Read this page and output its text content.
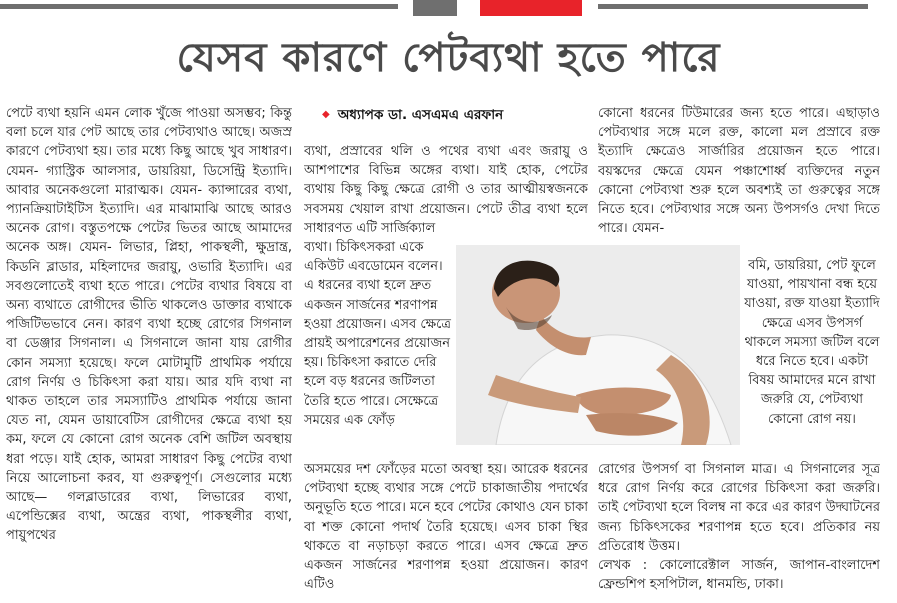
যেসব কারণে পেটব্যথা হতে পারে

পেটে ব্যথা হয়নি এমন লোক খুঁজে পাওয়া অসম্ভব; কিন্তু বলা চলে যার পেট আছে তার পেটব্যথাও আছে। অজস্র কারণে পেটব্যথা হয়। তার মধ্যে কিছু আছে খুব সাধারণ। যেমন- গ্যাস্ট্রিক আলসার, ডায়রিয়া, ডিসেন্ট্রি ইত্যাদি। আবার অনেকগুলো মারাত্মক। যেমন- ক্যান্সারের ব্যথা, প্যানক্রিয়াটাইটিস ইত্যাদি। এর মাঝামাঝি আছে আরও অনেক রোগ। বস্তুতপক্ষে পেটের ভিতর আছে আমাদের অনেক অঙ্গ। যেমন- লিভার, প্লিহা, পাকস্থলী, ক্ষুদ্রান্ত্র, কিডনি ব্লাডার, মহিলাদের জরায়ু, ওভারি ইত্যাদি। এর সবগুলোতেই ব্যথা হতে পারে। পেটের ব্যথার বিষয়ে বা অন্য ব্যথাতে রোগীদের ভীতি থাকলেও ডাক্তার ব্যথাকে পজিটিভভাবে নেন। কারণ ব্যথা হচ্ছে রোগের সিগনাল বা ডেঞ্জার সিগনাল। এ সিগনালে জানা যায় রোগীর কোন সমস্যা হয়েছে। ফলে মোটামুটি প্রাথমিক পর্যায়ে রোগ নির্ণয় ও চিকিৎসা করা যায়। আর যদি ব্যথা না থাকত তাহলে তার সমস্যাটিও প্রাথমিক পর্যায়ে জানা যেত না, যেমন ডায়াবেটিস রোগীদের ক্ষেত্রে ব্যথা হয় কম, ফলে যে কোনো রোগ অনেক বেশি জটিল অবস্থায় ধরা পড়ে। যাই হোক, আমরা সাধারণ কিছু পেটের ব্যথা নিয়ে আলোচনা করব, যা গুরুত্বপূর্ণ। সেগুলোর মধ্যে আছে— গলব্লাডারের ব্যথা, লিভারের ব্যথা, এপেন্ডিক্সের ব্যথা, অন্ত্রের ব্যথা, পাকস্থলীর ব্যথা, পায়ুপথের

◆ অধ্যাপক ডা. এসএমএ এরফান

ব্যথা, প্রস্রাবের থলি ও পথের ব্যথা এবং জরায়ু ও আশপাশের বিভিন্ন অঙ্গের ব্যথা। যাই হোক, পেটের ব্যথায় কিছু কিছু ক্ষেত্রে রোগী ও তার আত্মীয়স্বজনকে সবসময় খেয়াল রাখা প্রয়োজন। পেটে তীব্র ব্যথা হলে সাধারণত এটি সার্জিক্যাল

ব্যথা। চিকিৎসকরা একে একিউট এবডোমেন বলেন। এ ধরনের ব্যথা হলে দ্রুত একজন সার্জনের শরণাপন্ন হওয়া প্রয়োজন। এসব ক্ষেত্রে প্রায়ই অপারেশনের প্রয়োজন হয়। চিকিৎসা করাতে দেরি হলে বড় ধরনের জটিলতা তৈরি হতে পারে। সেক্ষেত্রে সময়ের এক ফোঁড়

অসময়ের দশ ফোঁড়ের মতো অবস্থা হয়। আরেক ধরনের পেটব্যথা হচ্ছে ব্যথার সঙ্গে পেটে চাকাজাতীয় পদার্থের অনুভূতি হতে পারে। মনে হবে পেটের কোথাও যেন চাকা বা শক্ত কোনো পদার্থ তৈরি হয়েছে। এসব চাকা স্থির থাকতে বা নড়াচড়া করতে পারে। এসব ক্ষেত্রে দ্রুত একজন সার্জনের শরণাপন্ন হওয়া প্রয়োজন। কারণ এটিও

কোনো ধরনের টিউমারের জন্য হতে পারে। এছাড়াও পেটব্যথার সঙ্গে মলে রক্ত, কালো মল প্রস্রাবে রক্ত ইত্যাদি ক্ষেত্রেও সার্জারির প্রয়োজন হতে পারে। বয়স্কদের ক্ষেত্রে যেমন পঞ্চাশোর্ধ্ব ব্যক্তিদের নতুন কোনো পেটব্যথা শুরু হলে অবশ্যই তা গুরুত্বের সঙ্গে নিতে হবে। পেটব্যথার সঙ্গে অন্য উপসর্গও দেখা দিতে পারে। যেমন-

বমি, ডায়রিয়া, পেট ফুলে যাওয়া, পায়খানা বন্ধ হয়ে যাওয়া, রক্ত যাওয়া ইত্যাদি ক্ষেত্রে এসব উপসর্গ থাকলে সমস্যা জটিল বলে ধরে নিতে হবে। একটা বিষয় আমাদের মনে রাখা জরুরি যে, পেটব্যথা কোনো রোগ নয়।

রোগের উপসর্গ বা সিগনাল মাত্র। এ সিগনালের সূত্র ধরে রোগ নির্ণয় করে রোগের চিকিৎসা করা জরুরি। তাই পেটব্যথা হলে বিলম্ব না করে এর কারণ উদ্ঘাটনের জন্য চিকিৎসকের শরণাপন্ন হতে হবে। প্রতিকার নয় প্রতিরোধ উত্তম।

লেখক : কোলোরেক্টাল সার্জন, জাপান-বাংলাদেশ ফ্রেন্ডশিপ হসপিটাল, ধানমন্ডি, ঢাকা।
